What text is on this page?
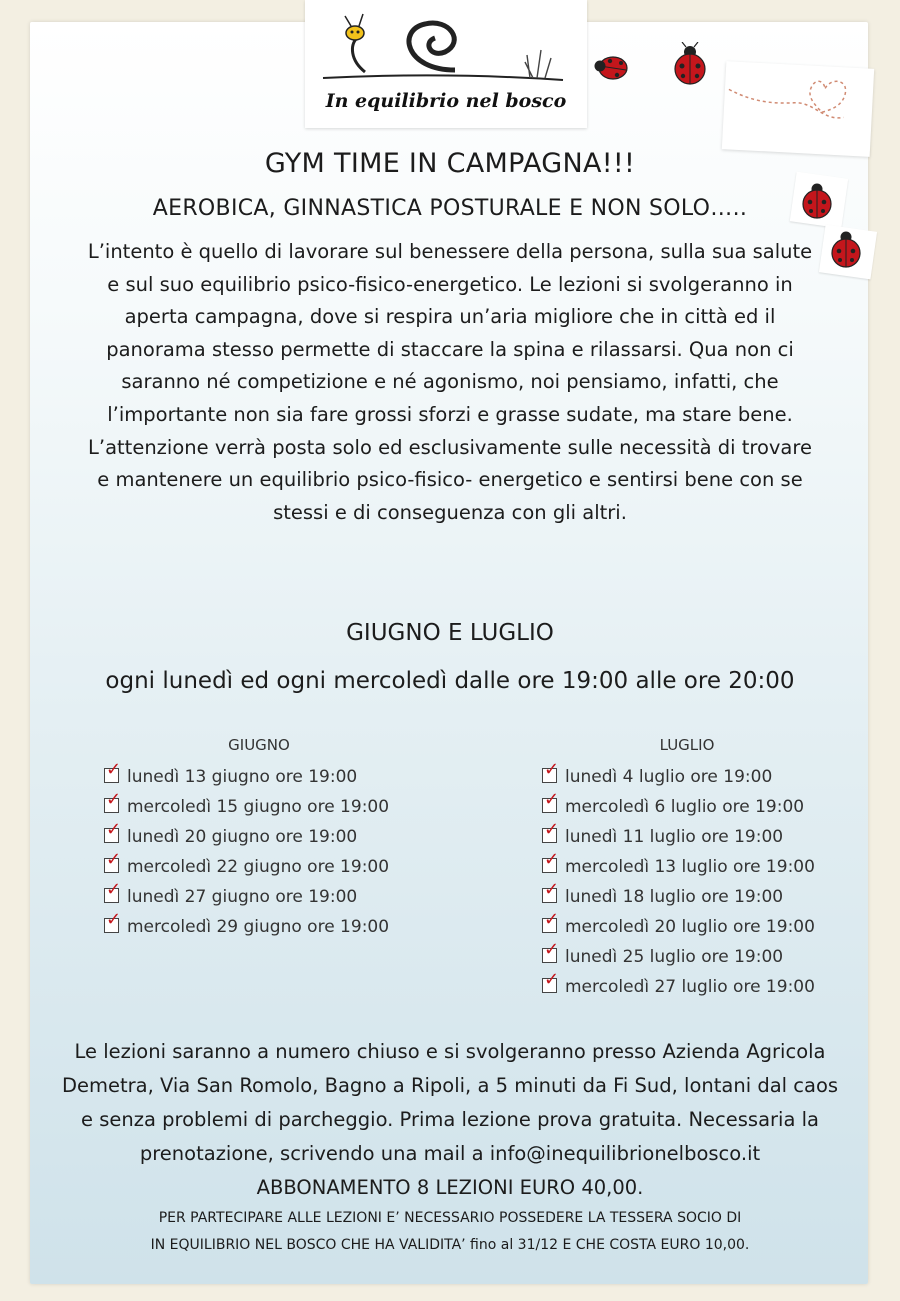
In equilibrio nel bosco
GYM TIME IN CAMPAGNA!!!
AEROBICA, GINNASTICA POSTURALE E NON SOLO…..
L’intento è quello di lavorare sul benessere della persona, sulla sua salute
e sul suo equilibrio psico-fisico-energetico. Le lezioni si svolgeranno in
aperta campagna, dove si respira un’aria migliore che in città ed il
panorama stesso permette di staccare la spina e rilassarsi. Qua non ci
saranno né competizione e né agonismo, noi pensiamo, infatti, che
l’importante non sia fare grossi sforzi e grasse sudate, ma stare bene.
L’attenzione verrà posta solo ed esclusivamente sulle necessità di trovare
e mantenere un equilibrio psico-fisico- energetico e sentirsi bene con se
stessi e di conseguenza con gli altri.
GIUGNO E LUGLIO
ogni lunedì ed ogni mercoledì dalle ore 19:00 alle ore 20:00
GIUGNO
✓lunedì 13 giugno ore 19:00
✓mercoledì 15 giugno ore 19:00
✓lunedì 20 giugno ore 19:00
✓mercoledì 22 giugno ore 19:00
✓lunedì 27 giugno ore 19:00
✓mercoledì 29 giugno ore 19:00
LUGLIO
✓lunedì 4 luglio ore 19:00
✓mercoledì 6 luglio ore 19:00
✓lunedì 11 luglio ore 19:00
✓mercoledì 13 luglio ore 19:00
✓lunedì 18 luglio ore 19:00
✓mercoledì 20 luglio ore 19:00
✓lunedì 25 luglio ore 19:00
✓mercoledì 27 luglio ore 19:00
Le lezioni saranno a numero chiuso e si svolgeranno presso Azienda Agricola
Demetra, Via San Romolo, Bagno a Ripoli, a 5 minuti da Fi Sud, lontani dal caos
e senza problemi di parcheggio. Prima lezione prova gratuita. Necessaria la
prenotazione, scrivendo una mail a info@inequilibrionelbosco.it
ABBONAMENTO 8 LEZIONI EURO 40,00.
PER PARTECIPARE ALLE LEZIONI E’ NECESSARIO POSSEDERE LA TESSERA SOCIO DI
IN EQUILIBRIO NEL BOSCO CHE HA VALIDITA’ fino al 31/12 E CHE COSTA EURO 10,00.
